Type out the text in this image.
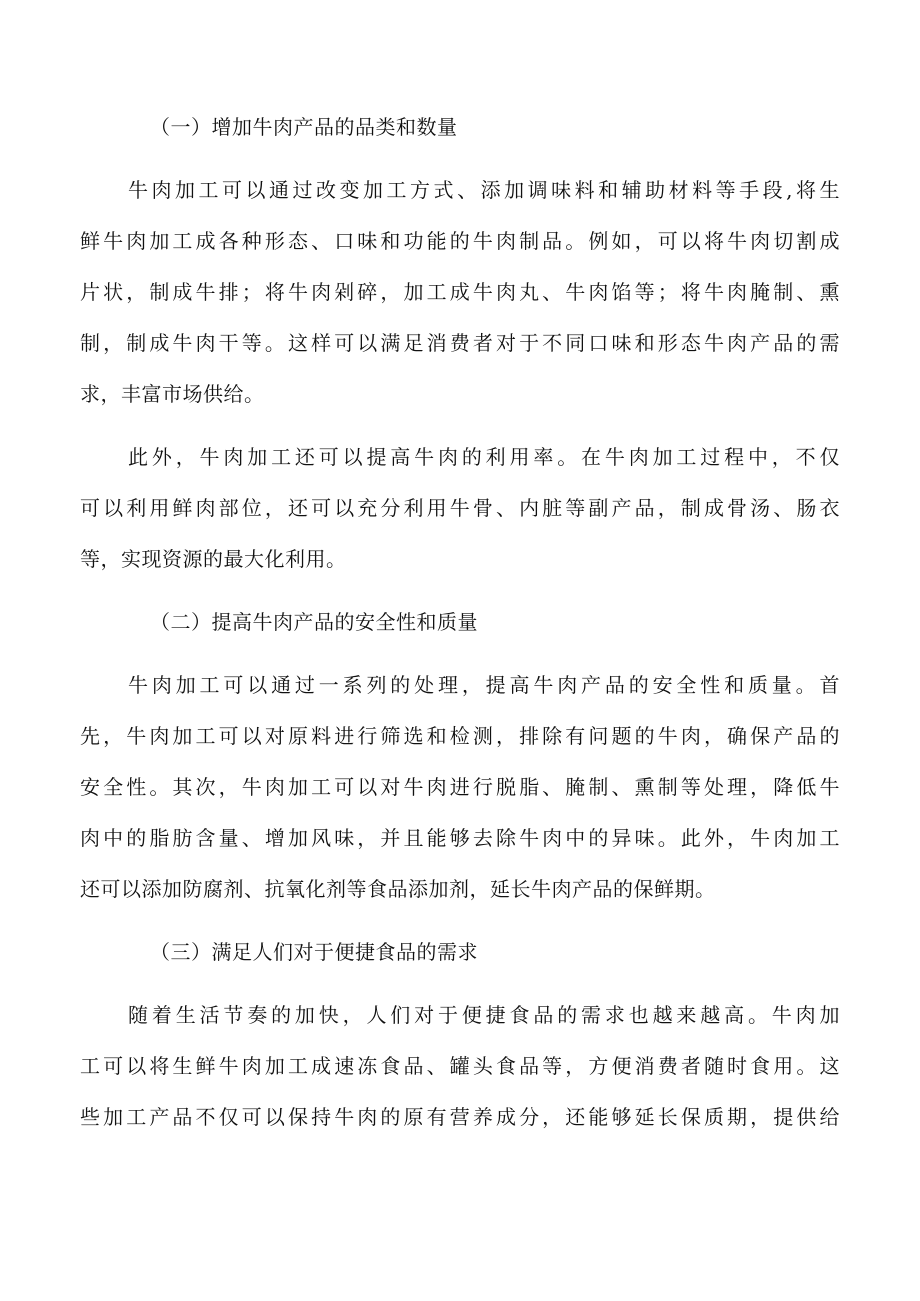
（一）增加牛肉产品的品类和数量
牛肉加工可以通过改变加工方式、添加调味料和辅助材料等手段,将生
鲜牛肉加工成各种形态、口味和功能的牛肉制品。例如，可以将牛肉切割成
片状，制成牛排；将牛肉剁碎，加工成牛肉丸、牛肉馅等；将牛肉腌制、熏
制，制成牛肉干等。这样可以满足消费者对于不同口味和形态牛肉产品的需
求，丰富市场供给。
此外，牛肉加工还可以提高牛肉的利用率。在牛肉加工过程中，不仅
可以利用鲜肉部位，还可以充分利用牛骨、内脏等副产品，制成骨汤、肠衣
等，实现资源的最大化利用。
（二）提高牛肉产品的安全性和质量
牛肉加工可以通过一系列的处理，提高牛肉产品的安全性和质量。首
先，牛肉加工可以对原料进行筛选和检测，排除有问题的牛肉，确保产品的
安全性。其次，牛肉加工可以对牛肉进行脱脂、腌制、熏制等处理，降低牛
肉中的脂肪含量、增加风味，并且能够去除牛肉中的异味。此外，牛肉加工
还可以添加防腐剂、抗氧化剂等食品添加剂，延长牛肉产品的保鲜期。
（三）满足人们对于便捷食品的需求
随着生活节奏的加快，人们对于便捷食品的需求也越来越高。牛肉加
工可以将生鲜牛肉加工成速冻食品、罐头食品等，方便消费者随时食用。这
些加工产品不仅可以保持牛肉的原有营养成分，还能够延长保质期，提供给
